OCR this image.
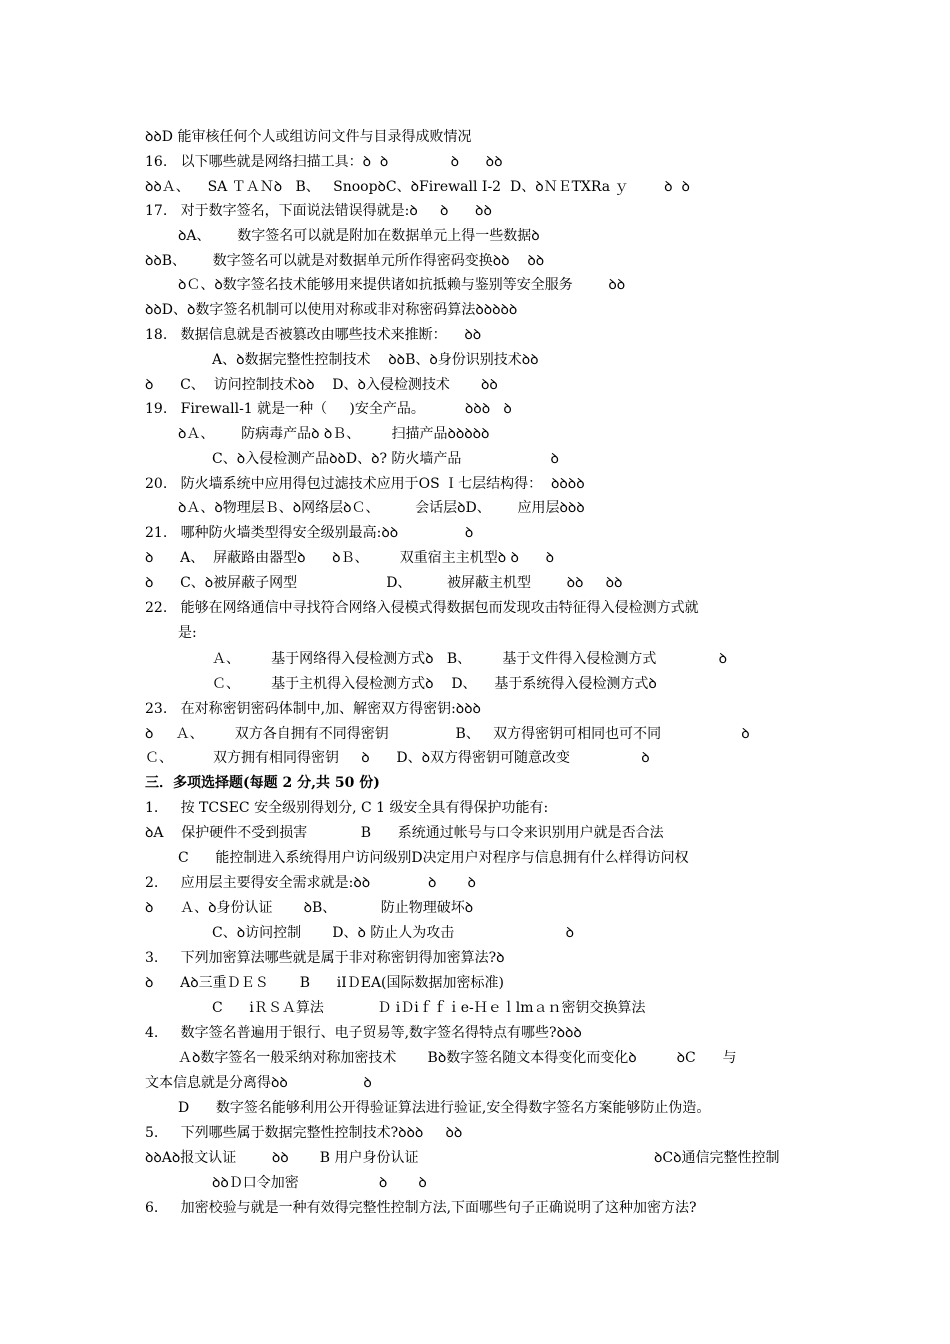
ꝺꝺD 能审核任何个人或组访问文件与目录得成败情况
16.   以下哪些就是网络扫描工具：ꝺ  ꝺ              ꝺ      ꝺꝺ
ꝺꝺＡ、    SA ＴＡＮꝺ   B、   SnoopꝺC、ꝺFirewall Ⅰ-2  D、ꝺＮＥTXRa ｙ        ꝺ  ꝺ
17.   对于数字签名，下面说法错误得就是:ꝺ     ꝺ      ꝺꝺ
ꝺA、      数字签名可以就是附加在数据单元上得一些数据ꝺ
ꝺꝺB、      数字签名可以就是对数据单元所作得密码变换ꝺꝺ    ꝺꝺ
ꝺＣ、ꝺ数字签名技术能够用来提供诸如抗抵赖与鉴别等安全服务        ꝺꝺ
ꝺꝺD、ꝺ数字签名机制可以使用对称或非对称密码算法ꝺꝺꝺꝺꝺ
18.   数据信息就是否被篡改由哪些技术来推断：    ꝺꝺ
A、ꝺ数据完整性控制技术    ꝺꝺB、ꝺ身份识别技术ꝺꝺ
ꝺ      C、  访问控制技术ꝺꝺ    D、ꝺ入侵检测技术       ꝺꝺ
19.   Firewall-1 就是一种（     )安全产品。         ꝺꝺꝺ   ꝺ
ꝺＡ、      防病毒产品ꝺ ꝺＢ、       扫描产品ꝺꝺꝺꝺꝺ
C、ꝺ入侵检测产品ꝺꝺD、ꝺ? 防火墙产品                    ꝺ
20.   防火墙系统中应用得包过滤技术应用于OS Ｉ七层结构得：  ꝺꝺꝺꝺ
ꝺＡ、ꝺ物理层Ｂ、ꝺ网络层ꝺＣ、        会话层ꝺD、      应用层ꝺꝺꝺ
21.   哪种防火墙类型得安全级别最高:ꝺꝺ               ꝺ
ꝺ      A、  屏蔽路由器型ꝺ      ꝺＢ、       双重宿主主机型ꝺ ꝺ      ꝺ
ꝺ      C、ꝺ被屏蔽子网型                    D、        被屏蔽主机型        ꝺꝺ     ꝺꝺ
22.   能够在网络通信中寻找符合网络入侵模式得数据包而发现攻击特征得入侵检测方式就
是:
Ａ、       基于网络得入侵检测方式ꝺ   B、       基于文件得入侵检测方式              ꝺ
Ｃ、       基于主机得入侵检测方式ꝺ    D、    基于系统得入侵检测方式ꝺ
23.   在对称密钥密码体制中,加、解密双方得密钥:ꝺꝺꝺ
ꝺ     Ａ、       双方各自拥有不同得密钥               B、   双方得密钥可相同也可不同                  ꝺ
Ｃ、         双方拥有相同得密钥     ꝺ      D、ꝺ双方得密钥可随意改变                ꝺ
三．多项选择题(每题 2 分,共 50 份)
1.     按 TCSEC 安全级别得划分, C 1 级安全具有得保护功能有:
ꝺA    保护硬件不受到损害            B      系统通过帐号与口令来识别用户就是否合法
C      能控制进入系统得用户访问级别D决定用户对程序与信息拥有什么样得访问权
2.     应用层主要得安全需求就是:ꝺꝺ             ꝺ       ꝺ
ꝺ      Ａ、ꝺ身份认证       ꝺB、          防止物理破坏ꝺ
C、ꝺ访问控制       D、ꝺ 防止人为攻击                         ꝺ
3.     下列加密算法哪些就是属于非对称密钥得加密算法?ꝺ
ꝺ      Aꝺ三重ＤＥＳ       B      iIＤEA(国际数据加密标准)
C      iＲＳＡ算法            Ｄ iＤiｆｆｉe-Ｈｅｌlmａｎ密钥交换算法
4.     数字签名普遍用于银行、电子贸易等,数字签名得特点有哪些?ꝺꝺꝺ
Ａꝺ数字签名一般采纳对称加密技术       Bꝺ数字签名随文本得变化而变化ꝺ         ꝺC      与
文本信息就是分离得ꝺꝺ                 ꝺ
D      数字签名能够利用公开得验证算法进行验证,安全得数字签名方案能够防止伪造。
5.     下列哪些属于数据完整性控制技术?ꝺꝺꝺ     ꝺꝺ
ꝺꝺAꝺ报文认证        ꝺꝺ       B 用户身份认证	ꝺCꝺ通信完整性控制
ꝺꝺＤ口令加密                  ꝺ       ꝺ
6.     加密校验与就是一种有效得完整性控制方法,下面哪些句子正确说明了这种加密方法?
